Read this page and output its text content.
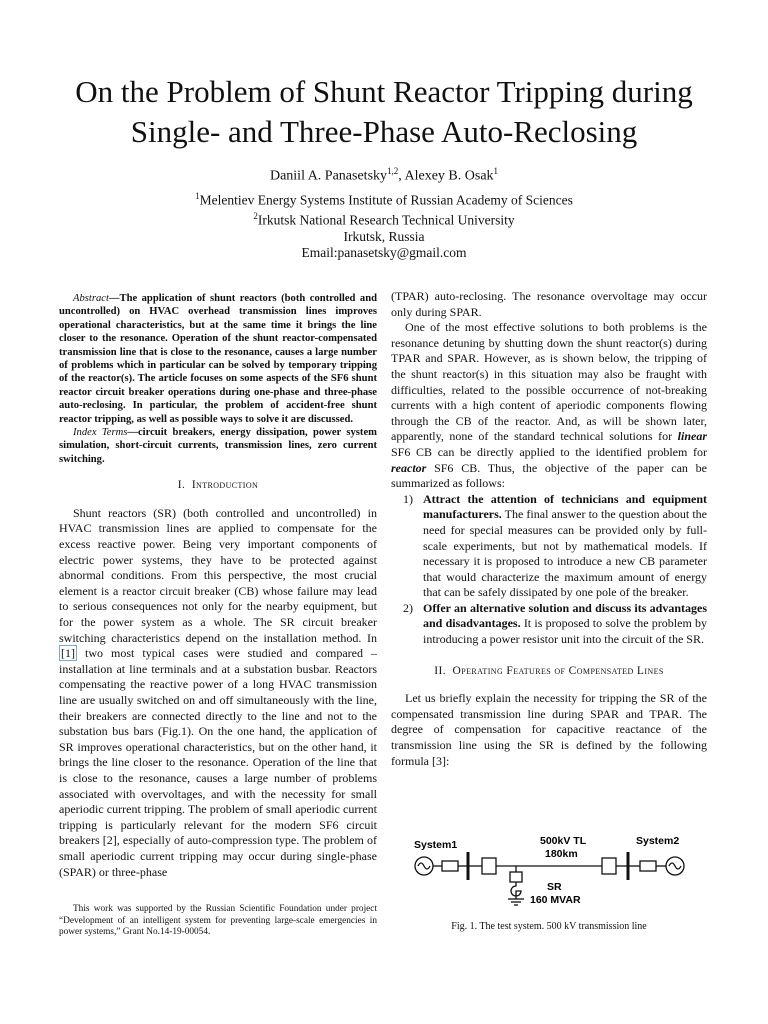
On the Problem of Shunt Reactor Tripping during
Single- and Three-Phase Auto-Reclosing
Daniil A. Panasetsky$^{1,2}$, Alexey B. Osak$^1$
$^1$Melentiev Energy Systems Institute of Russian Academy of Sciences
$^2$Irkutsk National Research Technical University
Irkutsk, Russia
Email:panasetsky@gmail.com

Abstract—The application of shunt reactors (both controlled and uncontrolled) on HVAC overhead transmission lines improves operational characteristics, but at the same time it brings the line closer to the resonance. Operation of the shunt reactor-compensated transmission line that is close to the resonance, causes a large number of problems which in particular can be solved by temporary tripping of the reactor(s). The article focuses on some aspects of the SF6 shunt reactor circuit breaker operations during one-phase and three-phase auto-reclosing. In particular, the problem of accident-free shunt reactor tripping, as well as possible ways to solve it are discussed.

Index Terms—circuit breakers, energy dissipation, power system simulation, short-circuit currents, transmission lines, zero current switching.

I. Introduction

Shunt reactors (SR) (both controlled and uncontrolled) in HVAC transmission lines are applied to compensate for the excess reactive power. Being very important components of electric power systems, they have to be protected against abnormal conditions. From this perspective, the most crucial element is a reactor circuit breaker (CB) whose failure may lead to serious consequences not only for the nearby equipment, but for the power system as a whole. The SR circuit breaker switching characteristics depend on the installation method. In [1] two most typical cases were studied and compared – installation at line terminals and at a substation busbar. Reactors compensating the reactive power of a long HVAC transmission line are usually switched on and off simultaneously with the line, their breakers are connected directly to the line and not to the substation bus bars (Fig.1). On the one hand, the application of SR improves operational characteristics, but on the other hand, it brings the line closer to the resonance. Operation of the line that is close to the resonance, causes a large number of problems associated with overvoltages, and with the necessity for small aperiodic current tripping. The problem of small aperiodic current tripping is particularly relevant for the modern SF6 circuit breakers [2], especially of auto-compression type. The problem of small aperiodic current tripping may occur during single-phase (SPAR) or three-phase

This work was supported by the Russian Scientific Foundation under project “Development of an intelligent system for preventing large-scale emergencies in power systems,” Grant No.14-19-00054.

(TPAR) auto-reclosing. The resonance overvoltage may occur only during SPAR.

One of the most effective solutions to both problems is the resonance detuning by shutting down the shunt reactor(s) during TPAR and SPAR. However, as is shown below, the tripping of the shunt reactor(s) in this situation may also be fraught with difficulties, related to the possible occurrence of not-breaking currents with a high content of aperiodic components flowing through the CB of the reactor. And, as will be shown later, apparently, none of the standard technical solutions for linear SF6 CB can be directly applied to the identified problem for reactor SF6 CB. Thus, the objective of the paper can be summarized as follows:

1) Attract the attention of technicians and equipment manufacturers. The final answer to the question about the need for special measures can be provided only by full-scale experiments, but not by mathematical models. If necessary it is proposed to introduce a new CB parameter that would characterize the maximum amount of energy that can be safely dissipated by one pole of the breaker.
2) Offer an alternative solution and discuss its advantages and disadvantages. It is proposed to solve the problem by introducing a power resistor unit into the circuit of the SR.
II. Operating Features of Compensated Lines

Let us briefly explain the necessity for tripping the SR of the compensated transmission line during SPAR and TPAR. The degree of compensation for capacitive reactance of the transmission line using the SR is defined by the following formula [3]:

System1	System2
500kV TL
180km
SR
160 MVAR
Fig. 1. The test system. 500 kV transmission line
